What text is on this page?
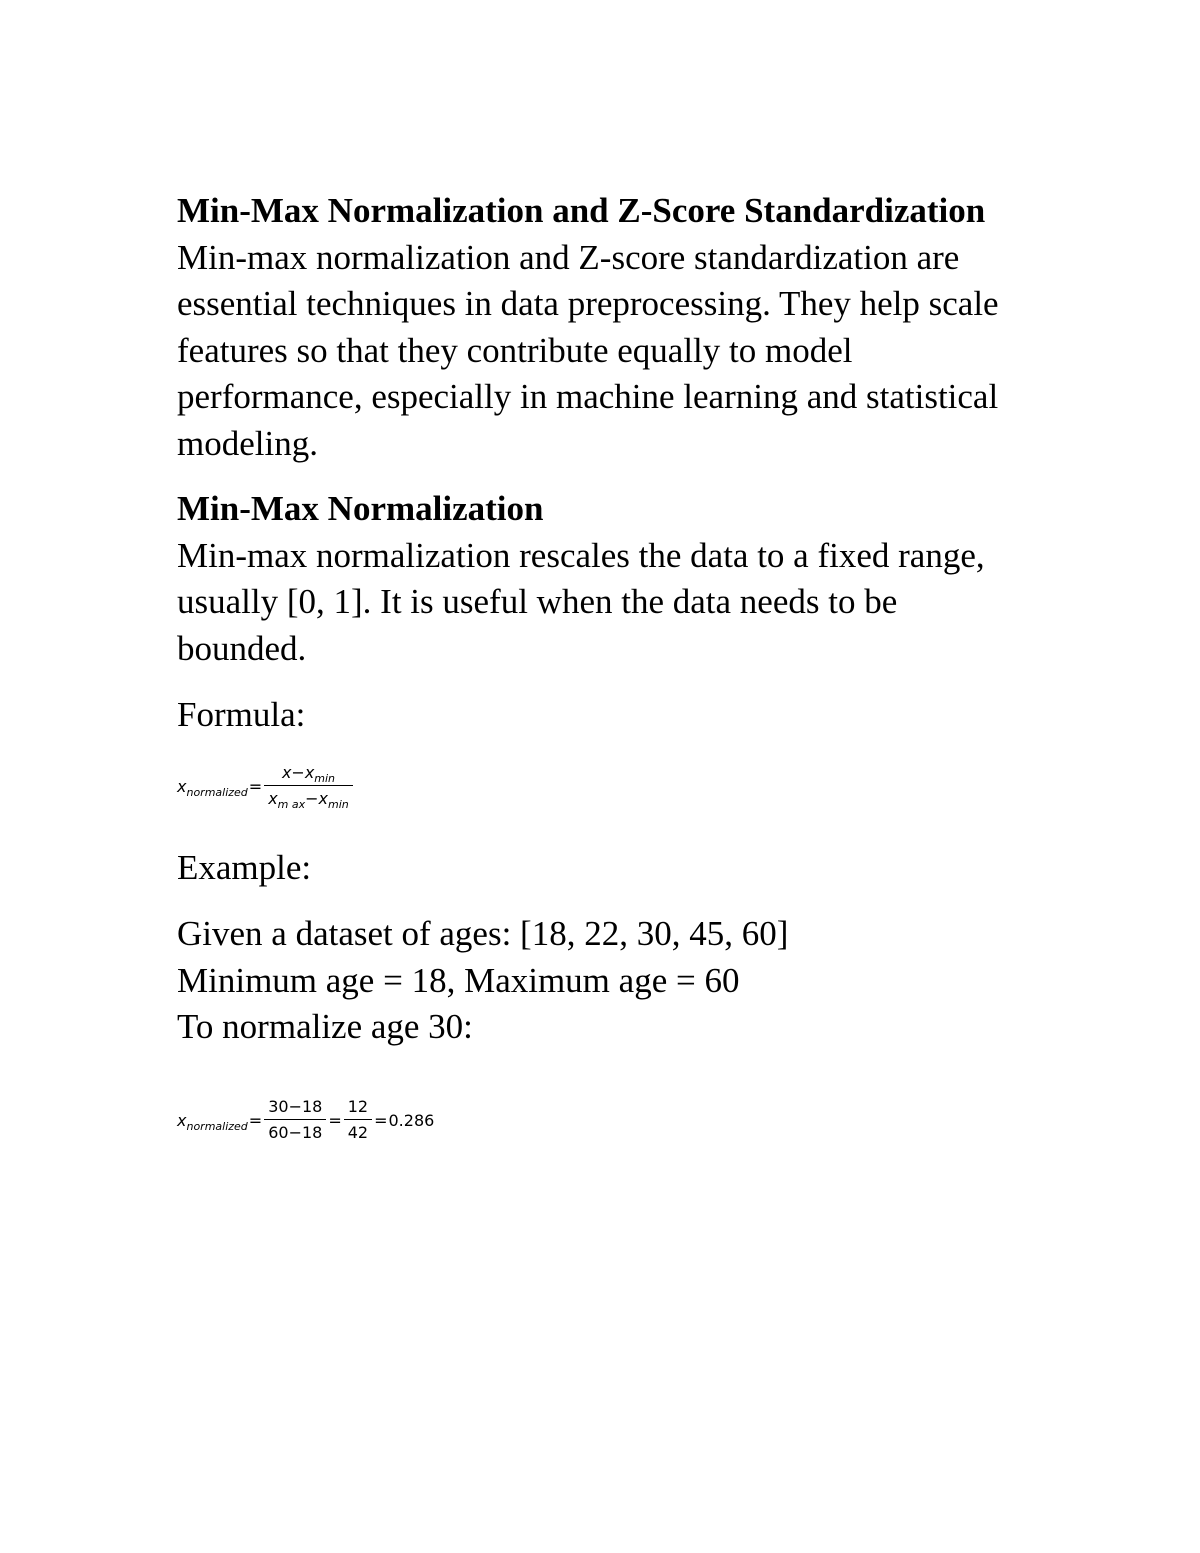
Min-Max Normalization and Z-Score Standardization
Min-max normalization and Z-score standardization are
essential techniques in data preprocessing. They help scale
features so that they contribute equally to model
performance, especially in machine learning and statistical
modeling.
Min-Max Normalization
Min-max normalization rescales the data to a fixed range,
usually [0, 1]. It is useful when the data needs to be
bounded.
Formula:
$x_{normalized} = \frac{x-x_{min}}{x_{m ax}-x_{min}}$
Example:
Given a dataset of ages: [18, 22, 30, 45, 60]
Minimum age = 18, Maximum age = 60
To normalize age 30:
$x_{normalized} = \frac{30-18}{60-18} = \frac{12}{42} = 0.286$
